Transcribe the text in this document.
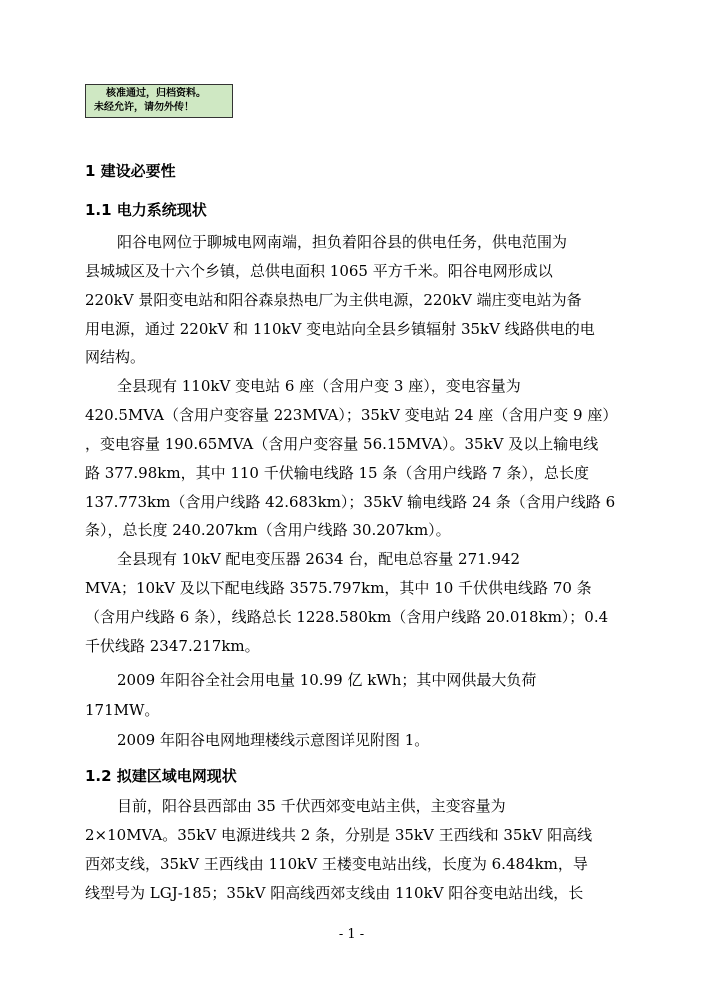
核准通过，归档资料。
未经允许，请勿外传！
1 建设必要性
1.1 电力系统现状
阳谷电网位于聊城电网南端，担负着阳谷县的供电任务，供电范围为
县城城区及十六个乡镇，总供电面积 1065 平方千米。阳谷电网形成以
220kV 景阳变电站和阳谷森泉热电厂为主供电源，220kV 端庄变电站为备
用电源，通过 220kV 和 110kV 变电站向全县乡镇辐射 35kV 线路供电的电
网结构。
全县现有 110kV 变电站 6 座（含用户变 3 座），变电容量为
420.5MVA（含用户变容量 223MVA）；35kV 变电站 24 座（含用户变 9 座）
，变电容量 190.65MVA（含用户变容量 56.15MVA）。35kV 及以上输电线
路 377.98km，其中 110 千伏输电线路 15 条（含用户线路 7 条），总长度
137.773km（含用户线路 42.683km）；35kV 输电线路 24 条（含用户线路 6
条），总长度 240.207km（含用户线路 30.207km）。
全县现有 10kV 配电变压器 2634 台，配电总容量 271.942
MVA；10kV 及以下配电线路 3575.797km，其中 10 千伏供电线路 70 条
（含用户线路 6 条），线路总长 1228.580km（含用户线路 20.018km）；0.4
千伏线路 2347.217km。
2009 年阳谷全社会用电量 10.99 亿 kWh；其中网供最大负荷
171MW。
2009 年阳谷电网地理楼线示意图详见附图 1。
1.2 拟建区域电网现状
目前，阳谷县西部由 35 千伏西郊变电站主供，主变容量为
2×10MVA。35kV 电源进线共 2 条，分别是 35kV 王西线和 35kV 阳高线
西郊支线，35kV 王西线由 110kV 王楼变电站出线，长度为 6.484km，导
线型号为 LGJ-185；35kV 阳高线西郊支线由 110kV 阳谷变电站出线，长
- 1 -
